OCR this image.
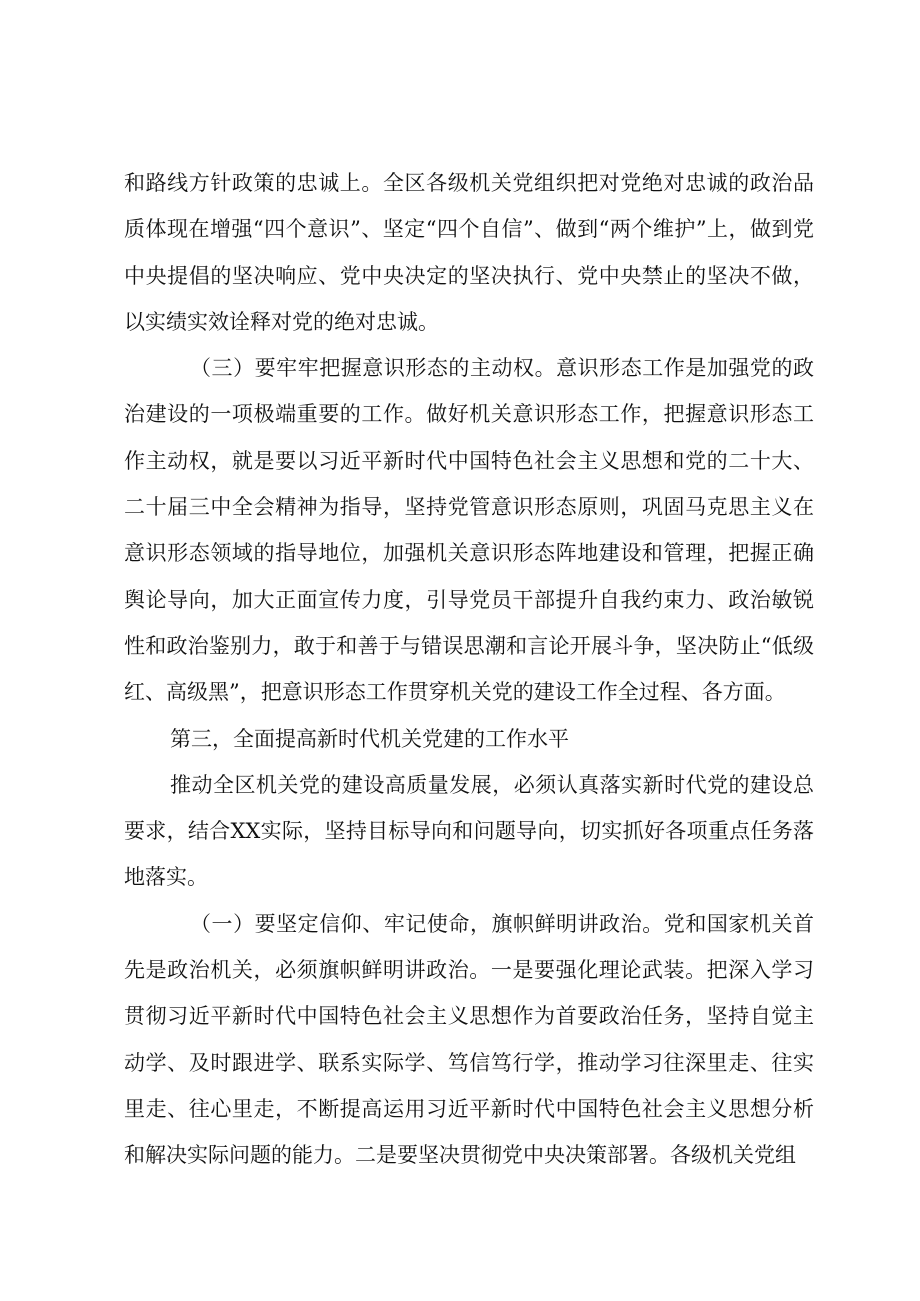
和路线方针政策的忠诚上。全区各级机关党组织把对党绝对忠诚的政治品质体现在增强“四个意识”、坚定“四个自信”、做到“两个维护”上，做到党中央提倡的坚决响应、党中央决定的坚决执行、党中央禁止的坚决不做，以实绩实效诠释对党的绝对忠诚。

（三）要牢牢把握意识形态的主动权。意识形态工作是加强党的政治建设的一项极端重要的工作。做好机关意识形态工作，把握意识形态工作主动权，就是要以习近平新时代中国特色社会主义思想和党的二十大、二十届三中全会精神为指导，坚持党管意识形态原则，巩固马克思主义在意识形态领域的指导地位，加强机关意识形态阵地建设和管理，把握正确舆论导向，加大正面宣传力度，引导党员干部提升自我约束力、政治敏锐性和政治鉴别力，敢于和善于与错误思潮和言论开展斗争，坚决防止“低级红、高级黑”，把意识形态工作贯穿机关党的建设工作全过程、各方面。

第三，全面提高新时代机关党建的工作水平

推动全区机关党的建设高质量发展，必须认真落实新时代党的建设总要求，结合XX实际，坚持目标导向和问题导向，切实抓好各项重点任务落地落实。

（一）要坚定信仰、牢记使命，旗帜鲜明讲政治。党和国家机关首先是政治机关，必须旗帜鲜明讲政治。一是要强化理论武装。把深入学习贯彻习近平新时代中国特色社会主义思想作为首要政治任务，坚持自觉主动学、及时跟进学、联系实际学、笃信笃行学，推动学习往深里走、往实里走、往心里走，不断提高运用习近平新时代中国特色社会主义思想分析和解决实际问题的能力。二是要坚决贯彻党中央决策部署。各级机关党组
